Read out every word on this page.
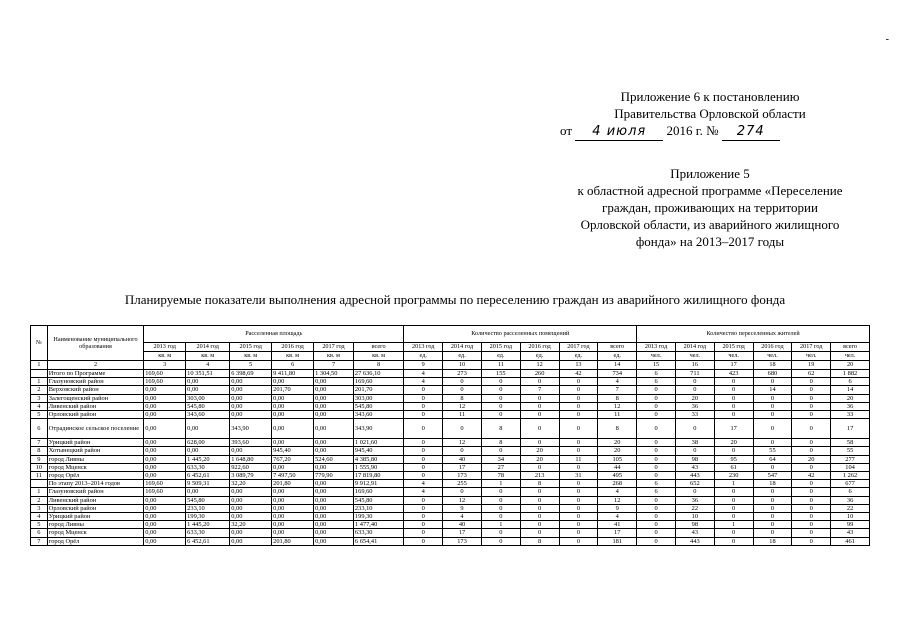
-
Приложение 6 к постановлению
Правительства Орловской области
от 4 июля 2016 г. № 274
Приложение 5
к областной адресной программе «Переселение
граждан, проживающих на территории
Орловской области, из аварийного жилищного
фонда» на 2013–2017 годы
Планируемые показатели выполнения адресной программы по переселению граждан из аварийного жилищного фонда
№	Наименование муниципального образования	Расселенная площадь						Количество расселенных помещений						Количество переселенных жителей					
		2013 год	2014 год	2015 год	2016 год	2017 год	всего	2013 год	2014 год	2015 год	2016 год	2017 год	всего	2013 год	2014 год	2015 год	2016 год	2017 год	всего
		кв. м	кв. м	кв. м	кв. м	кв. м	кв. м	ед.	ед.	ед.	ед.	ед.	ед.	чел.	чел.	чел.	чел.	чел.	чел.
1	2	3	4	5	6	7	8	9	10	11	12	13	14	15	16	17	18	19	20
	Итого по Программе	169,60	10 351,51	6 398,69	9 411,80	1 304,50	27 636,10	4	273	155	260	42	734	6	711	423	680	62	1 882
1	Глазуновский район	169,60	0,00	0,00	0,00	0,00	169,60	4	0	0	0	0	4	6	0	0	0	0	6
2	Верховский район	0,00	0,00	0,00	201,70	0,00	201,70	0	0	0	7	0	7	0	0	0	14	0	14
3	Залегощенский район	0,00	303,00	0,00	0,00	0,00	303,00	0	8	0	0	0	8	0	20	0	0	0	20
4	Ливенский район	0,00	545,80	0,00	0,00	0,00	545,80	0	12	0	0	0	12	0	36	0	0	0	36
5	Орловский район	0,00	343,60	0,00	0,00	0,00	343,60	0	11	0	0	0	11	0	33	0	0	0	33
6	Отрадинское сельское поселение	0,00	0,00	343,90	0,00	0,00	343,90	0	0	8	0	0	8	0	0	17	0	0	17
7	Урицкий район	0,00	628,00	393,60	0,00	0,00	1 021,60	0	12	8	0	0	20	0	38	20	0	0	58
8	Хотынецкий район	0,00	0,00	0,00	945,40	0,00	945,40	0	0	0	20	0	20	0	0	0	55	0	55
9	город Ливны	0,00	1 445,20	1 648,80	767,20	524,60	4 385,80	0	40	34	20	11	105	0	98	95	64	20	277
10	город Мценск	0,00	633,30	922,60	0,00	0,00	1 555,90	0	17	27	0	0	44	0	43	61	0	0	104
11	город Орёл	0,00	6 452,61	3 089,79	7 497,50	779,90	17 819,80	0	173	78	213	31	495	0	443	230	547	42	1 262
	По этапу 2013–2014 годов	169,60	9 509,31	32,20	201,80	0,00	9 912,91	4	255	1	8	0	268	6	652	1	18	0	677
1	Глазуновский район	169,60	0,00	0,00	0,00	0,00	169,60	4	0	0	0	0	4	6	0	0	0	0	6
2	Ливенский район	0,00	545,80	0,00	0,00	0,00	545,80	0	12	0	0	0	12	0	36	0	0	0	36
3	Орловский район	0,00	233,10	0,00	0,00	0,00	233,10	0	9	0	0	0	9	0	22	0	0	0	22
4	Урицкий район	0,00	199,30	0,00	0,00	0,00	199,30	0	4	0	0	0	4	0	10	0	0	0	10
5	город Ливны	0,00	1 445,20	32,20	0,00	0,00	1 477,40	0	40	1	0	0	41	0	98	1	0	0	99
6	город Мценск	0,00	633,30	0,00	0,00	0,00	633,30	0	17	0	0	0	17	0	43	0	0	0	43
7	город Орёл	0,00	6 452,61	0,00	201,80	0,00	6 654,41	0	173	0	8	0	181	0	443	0	18	0	461
